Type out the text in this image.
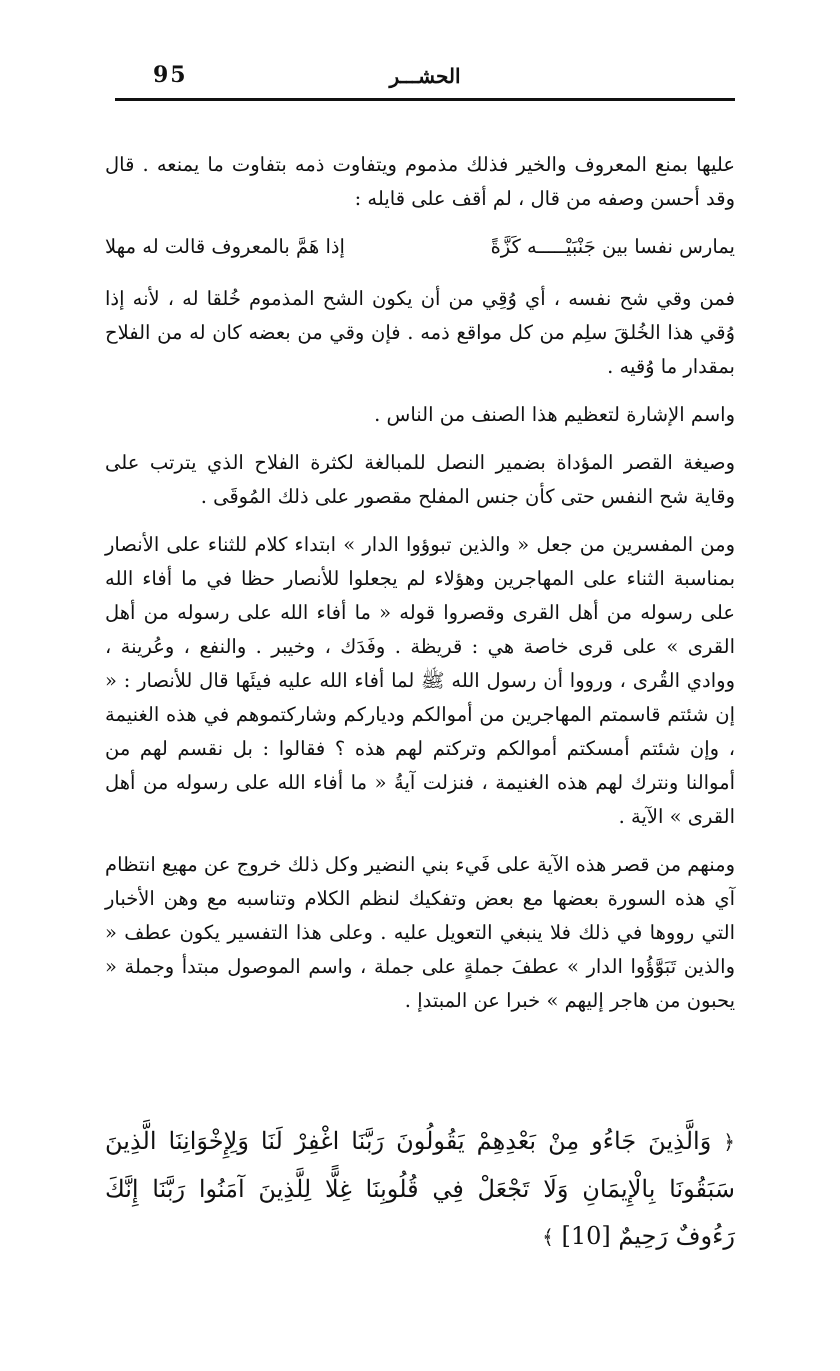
95	الحشـــر

عليها بمنع المعروف والخير فذلك مذموم ويتفاوت ذمه بتفاوت ما يمنعه . قال وقد أحسن وصفه من قال ، لم أقف على قايله :

يمارس نفسا بين جَنْبَيْـــــه كَزَّةً
إذا هَمَّ بالمعروف قالت له مهلا

فمن وقي شح نفسه ، أي وُقِي من أن يكون الشح المذموم خُلقا له ، لأنه إذا وُقي هذا الخُلقَ سلِم من كل مواقع ذمه . فإن وقي من بعضه كان له من الفلاح بمقدار ما وُقيه .

واسم الإشارة لتعظيم هذا الصنف من الناس .

وصيغة القصر المؤداة بضمير النصل للمبالغة لكثرة الفلاح الذي يترتب على وقاية شح النفس حتى كأن جنس المفلح مقصور على ذلك المُوقَى .

ومن المفسرين من جعل « والذين تبوؤوا الدار » ابتداء كلام للثناء على الأنصار بمناسبة الثناء على المهاجرين وهؤلاء لم يجعلوا للأنصار حظا في ما أفاء الله على رسوله من أهل القرى وقصروا قوله « ما أفاء الله على رسوله من أهل القرى » على قرى خاصة هي : قريظة . وفَدَك ، وخيبر . والنفع ، وعُرينة ، ووادي القُرى ، ورووا أن رسول الله ﷺ لما أفاء الله عليه فيئَها قال للأنصار : « إن شئتم قاسمتم المهاجرين من أموالكم ودياركم وشاركتموهم في هذه الغنيمة ، وإن شئتم أمسكتم أموالكم وتركتم لهم هذه ؟ فقالوا : بل نقسم لهم من أموالنا ونترك لهم هذه الغنيمة ، فنزلت آيةُ « ما أفاء الله على رسوله من أهل القرى » الآية .

ومنهم من قصر هذه الآية على فَيء بني النضير وكل ذلك خروج عن مهيع انتظام آي هذه السورة بعضها مع بعض وتفكيك لنظم الكلام وتناسبه مع وهن الأخبار التي رووها في ذلك فلا ينبغي التعويل عليه . وعلى هذا التفسير يكون عطف « والذين تَبَوَّؤُوا الدار » عطفَ جملةٍ على جملة ، واسم الموصول مبتدأ وجملة « يحبون من هاجر إليهم » خبرا عن المبتدإ .

﴿ وَالَّذِينَ جَاءُو مِنْ بَعْدِهِمْ يَقُولُونَ رَبَّنَا اغْفِرْ لَنَا وَلِإِخْوَانِنَا الَّذِينَ سَبَقُونَا بِالْإِيمَانِ وَلَا تَجْعَلْ فِي قُلُوبِنَا غِلًّا لِلَّذِينَ آمَنُوا رَبَّنَا إِنَّكَ رَءُوفٌ رَحِيمٌ [10] ﴾
